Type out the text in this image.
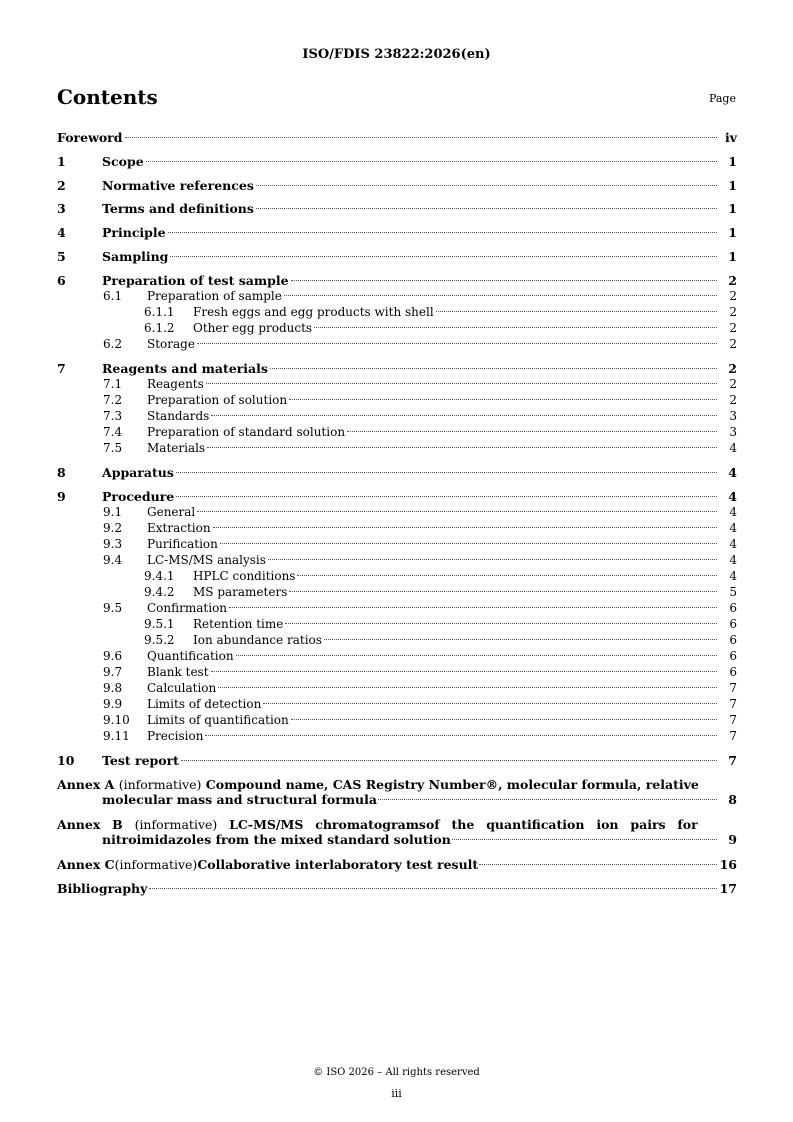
ISO/FDIS 23822:2026(en)
Contents	Page
Foreword	iv
1	Scope	1
2	Normative references	1
3	Terms and definitions	1
4	Principle	1
5	Sampling	1
6	Preparation of test sample	2
6.1 Preparation of sample	2
6.1.1 Fresh eggs and egg products with shell	2
6.1.2 Other egg products	2
6.2 Storage	2
7	Reagents and materials	2
7.1 Reagents	2
7.2 Preparation of solution	2
7.3 Standards	3
7.4 Preparation of standard solution	3
7.5 Materials	4
8	Apparatus	4
9	Procedure	4
9.1 General	4
9.2 Extraction	4
9.3 Purification	4
9.4 LC-MS/MS analysis	4
9.4.1 HPLC conditions	4
9.4.2 MS parameters	5
9.5 Confirmation	6
9.5.1 Retention time	6
9.5.2 Ion abundance ratios	6
9.6 Quantification	6
9.7 Blank test	6
9.8 Calculation	7
9.9 Limits of detection	7
9.10 Limits of quantification	7
9.11 Precision	7
10	Test report	7
Annex A (informative) Compound name, CAS Registry Number®, molecular formula, relative
molecular mass and structural formula	8
Annex B (informative) LC-MS/MS chromatogramsof the quantification ion pairs for
nitroimidazoles from the mixed standard solution	9
Annex C (informative) Collaborative interlaboratory test result	16
Bibliography	17
© ISO 2026 – All rights reserved
iii
